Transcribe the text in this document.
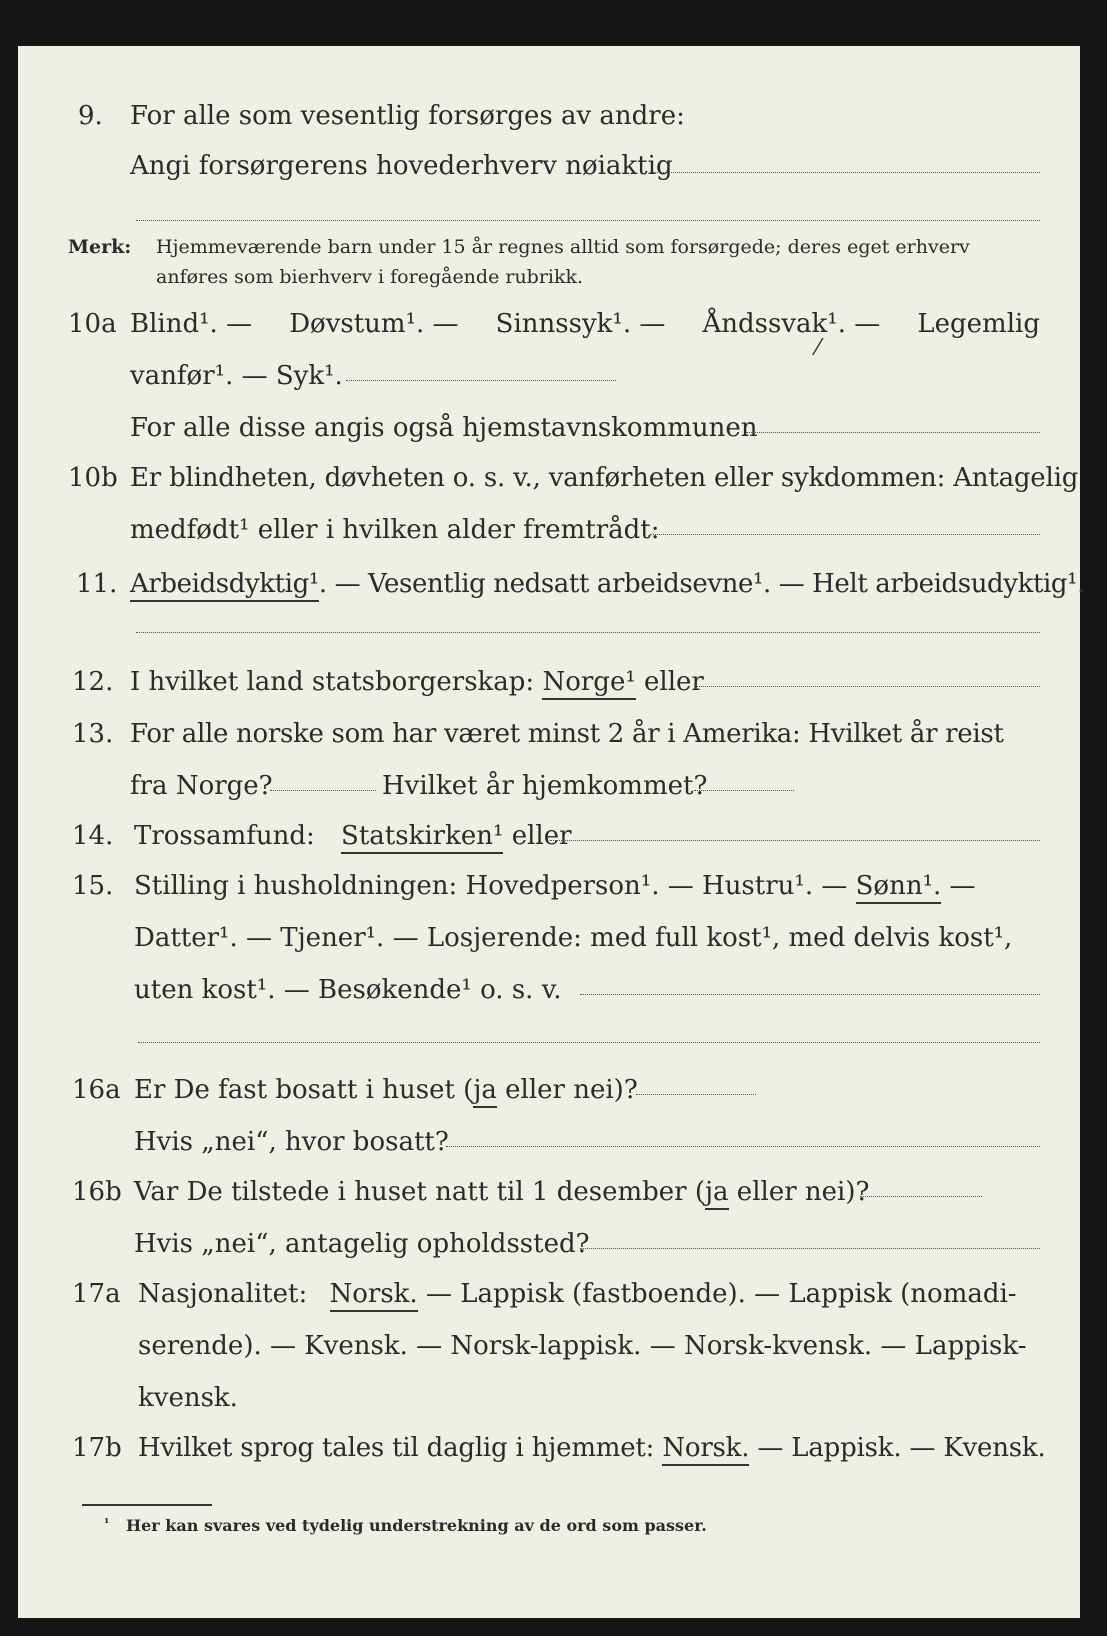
9. For alle som vesentlig forsørges av andre:
Angi forsørgerens hovederhverv nøiaktig
Merk: Hjemmeværende barn under 15 år regnes alltid som forsørgede; deres eget erhverv
anføres som bierhverv i foregående rubrikk.
10a Blind¹. — Døvstum¹. — Sinnssyk¹. — Åndssvak¹. — Legemlig
⁄
vanfør¹. — Syk¹.
For alle disse angis også hjemstavnskommunen
10b Er blindheten, døvheten o. s. v., vanførheten eller sykdommen: Antagelig
medfødt¹ eller i hvilken alder fremtrådt:
11. Arbeidsdyktig¹. — Vesentlig nedsatt arbeidsevne¹. — Helt arbeidsudyktig¹.
12. I hvilket land statsborgerskap: Norge¹ eller
13. For alle norske som har været minst 2 år i Amerika: Hvilket år reist
fra Norge?	Hvilket år hjemkommet?
14. Trossamfund: Statskirken¹ eller
15. Stilling i husholdningen: Hovedperson¹. — Hustru¹. — Sønn¹. —
Datter¹. — Tjener¹. — Losjerende: med full kost¹, med delvis kost¹,
uten kost¹. — Besøkende¹ o. s. v.
16a Er De fast bosatt i huset (ja eller nei)?
Hvis „nei“, hvor bosatt?
16b Var De tilstede i huset natt til 1 desember (ja eller nei)?
Hvis „nei“, antagelig opholdssted?
17a Nasjonalitet: Norsk. — Lappisk (fastboende). — Lappisk (nomadi-
serende). — Kvensk. — Norsk-lappisk. — Norsk-kvensk. — Lappisk-
kvensk.
17b Hvilket sprog tales til daglig i hjemmet: Norsk. — Lappisk. — Kvensk.
¹ Her kan svares ved tydelig understrekning av de ord som passer.
